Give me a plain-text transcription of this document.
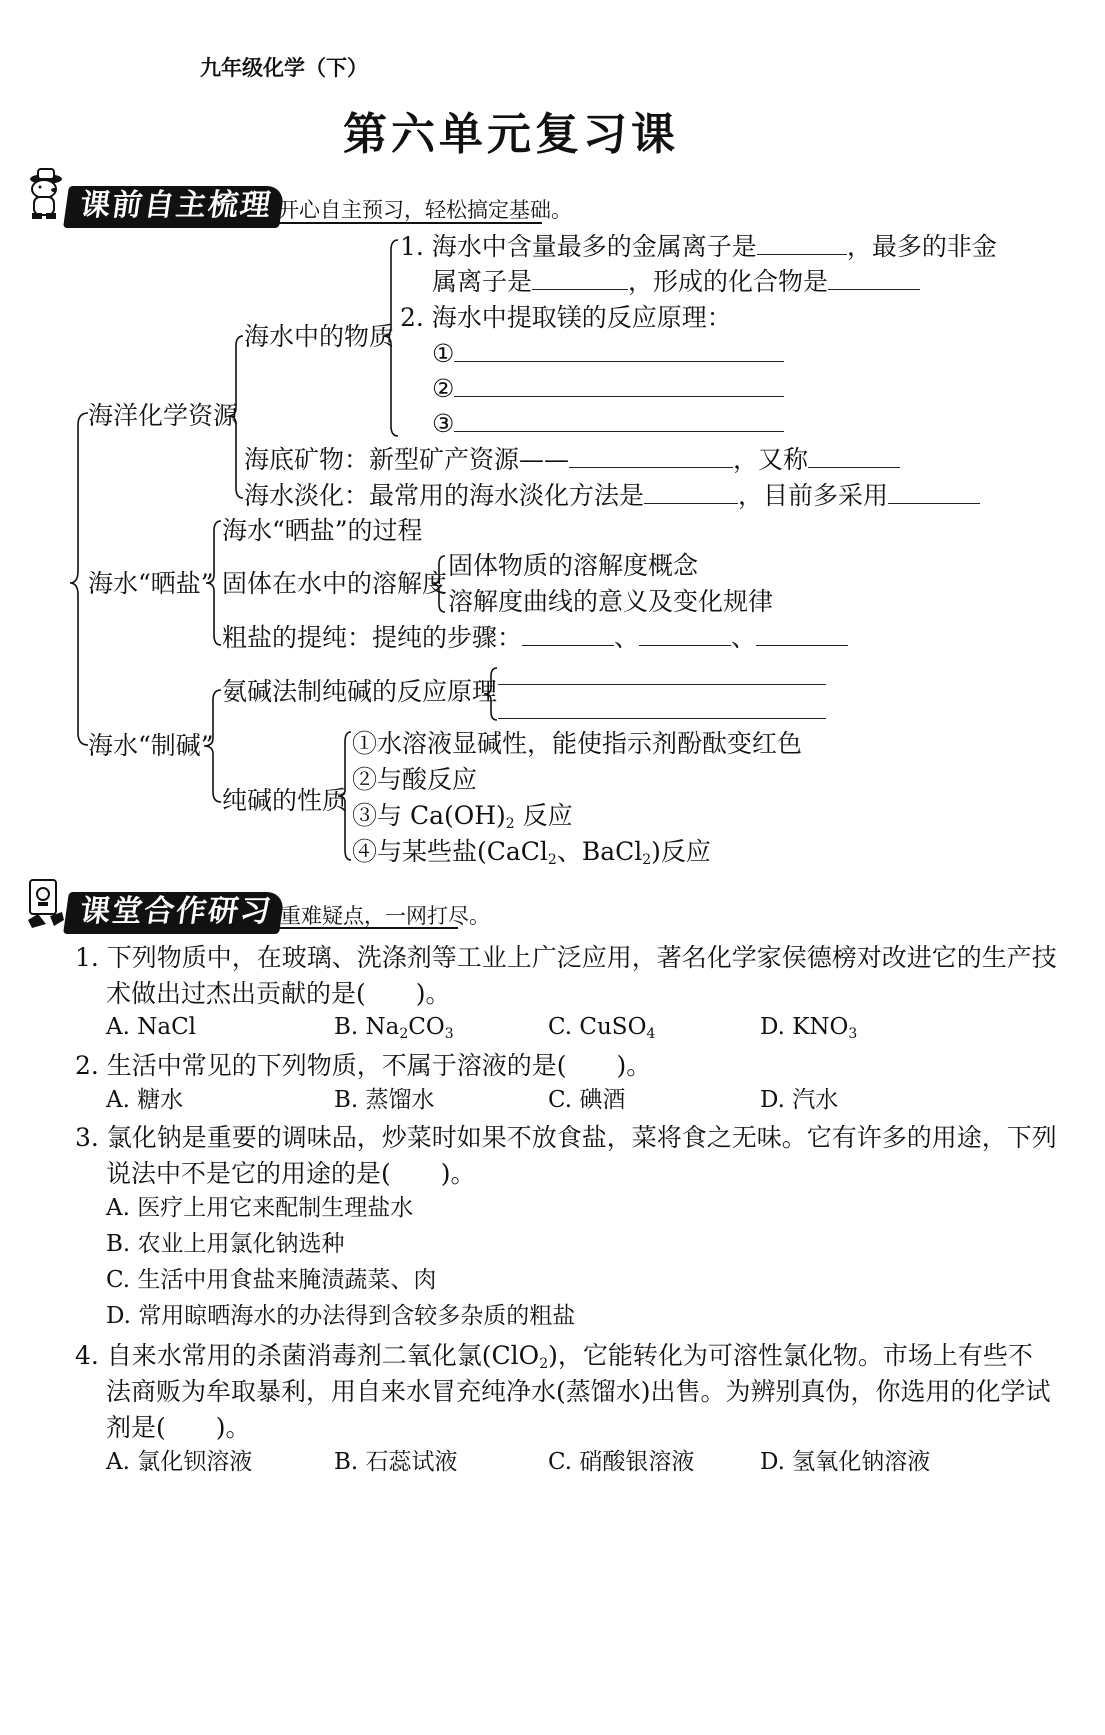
九年级化学（下）
第六单元复习课
课前自主梳理 开心自主预习，轻松搞定基础。
海洋化学资源
海水“晒盐”
海水“制碱”
海水中的物质
1. 海水中含量最多的金属离子是	，最多的非金
属离子是	，形成的化合物是
2. 海水中提取镁的反应原理：
①
②
③
海底矿物：新型矿产资源——	，又称
海水淡化：最常用的海水淡化方法是	，目前多采用
海水“晒盐”的过程
固体在水中的溶解度
固体物质的溶解度概念
溶解度曲线的意义及变化规律
粗盐的提纯：提纯的步骤：	、	、
氨碱法制纯碱的反应原理
纯碱的性质
①水溶液显碱性，能使指示剂酚酞变红色
②与酸反应
③与 $Ca(OH)_2$ 反应
④与某些盐(CaCl$_2$、BaCl$_2$)反应
课堂合作研习 重难疑点，一网打尽。
1. 下列物质中，在玻璃、洗涤剂等工业上广泛应用，著名化学家侯德榜对改进它的生产技
术做出过杰出贡献的是(　　)。
A. NaCl	B. $Na_2CO_3$	C. CuSO$_4$	D. $KNO_3$
2. 生活中常见的下列物质，不属于溶液的是(　　)。
A. 糖水	B. 蒸馏水	C. 碘酒	D. 汽水
3. 氯化钠是重要的调味品，炒菜时如果不放食盐，菜将食之无味。它有许多的用途，下列
说法中不是它的用途的是(　　)。
A. 医疗上用它来配制生理盐水
B. 农业上用氯化钠选种
C. 生活中用食盐来腌渍蔬菜、肉
D. 常用晾晒海水的办法得到含较多杂质的粗盐
4. 自来水常用的杀菌消毒剂二氧化氯(ClO$_2$)，它能转化为可溶性氯化物。市场上有些不
法商贩为牟取暴利，用自来水冒充纯净水(蒸馏水)出售。为辨别真伪，你选用的化学试
剂是(　　)。
A. 氯化钡溶液	B. 石蕊试液	C. 硝酸银溶液	D. 氢氧化钠溶液
